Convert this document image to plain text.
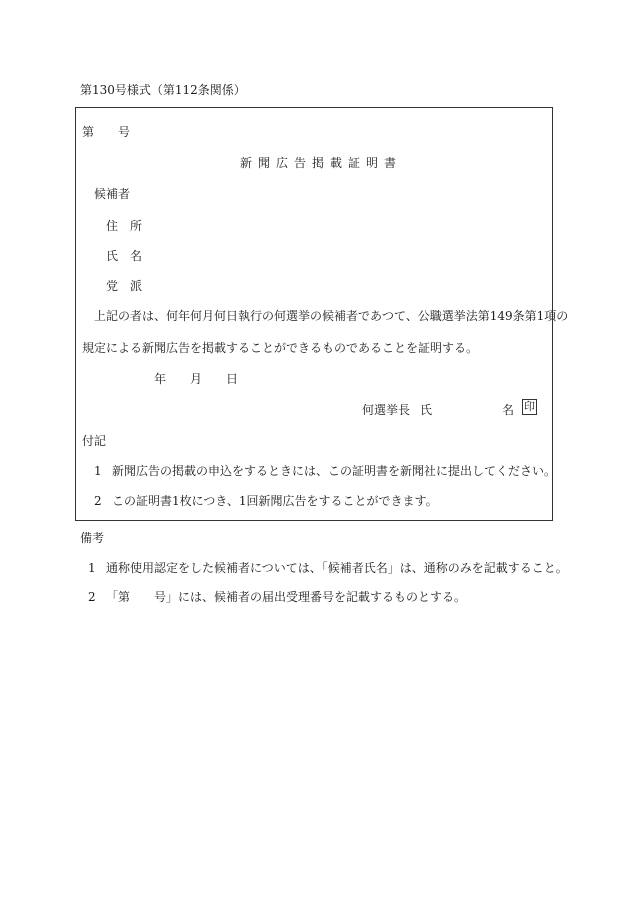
第130号様式（第112条関係）
第 号
新聞広告掲載証明書
候補者
住所
氏名
党派
上記の者は、何年何月何日執行の何選挙の候補者であつて、公職選挙法第149条第1項の
規定による新聞広告を掲載することができるものであることを証明する。
年 月 日
何選挙長 氏	名 印
付記
1 新聞広告の掲載の申込をするときには、この証明書を新聞社に提出してください。
2 この証明書1枚につき、1回新聞広告をすることができます。
備考
1 通称使用認定をした候補者については、「候補者氏名」は、通称のみを記載すること。
2 「第　　号」には、候補者の届出受理番号を記載するものとする。
